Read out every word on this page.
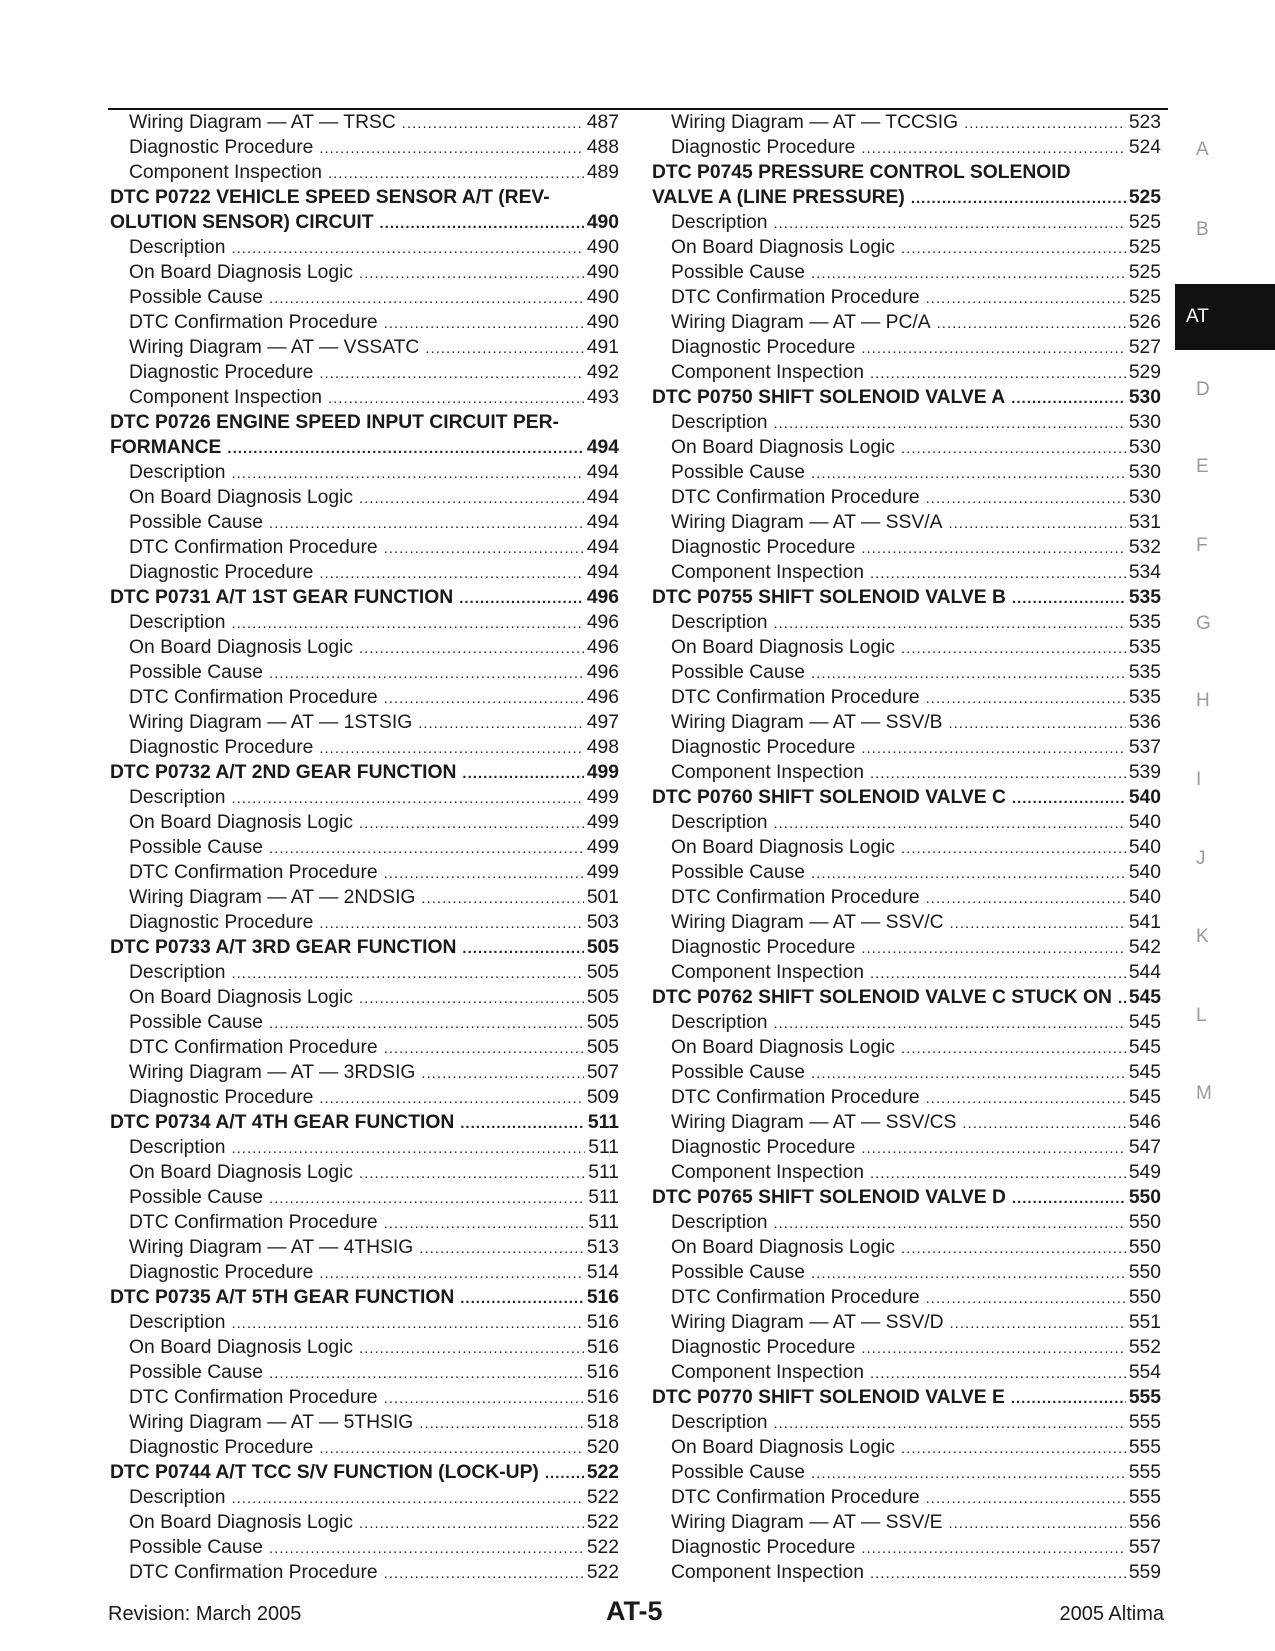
Wiring Diagram — AT — TRSC .....	487
Diagnostic Procedure .....	488
Component Inspection .....	489
DTC P0722 VEHICLE SPEED SENSOR A/T (REV-
OLUTION SENSOR) CIRCUIT .....	490
Description .....	490
On Board Diagnosis Logic .....	490
Possible Cause .....	490
DTC Confirmation Procedure .....	490
Wiring Diagram — AT — VSSATC .....	491
Diagnostic Procedure .....	492
Component Inspection .....	493
DTC P0726 ENGINE SPEED INPUT CIRCUIT PER-
FORMANCE .....	494
Description .....	494
On Board Diagnosis Logic .....	494
Possible Cause .....	494
DTC Confirmation Procedure .....	494
Diagnostic Procedure .....	494
DTC P0731 A/T 1ST GEAR FUNCTION .....	496
Description .....	496
On Board Diagnosis Logic .....	496
Possible Cause .....	496
DTC Confirmation Procedure .....	496
Wiring Diagram — AT — 1STSIG .....	497
Diagnostic Procedure .....	498
DTC P0732 A/T 2ND GEAR FUNCTION .....	499
Description .....	499
On Board Diagnosis Logic .....	499
Possible Cause .....	499
DTC Confirmation Procedure .....	499
Wiring Diagram — AT — 2NDSIG .....	501
Diagnostic Procedure .....	503
DTC P0733 A/T 3RD GEAR FUNCTION .....	505
Description .....	505
On Board Diagnosis Logic .....	505
Possible Cause .....	505
DTC Confirmation Procedure .....	505
Wiring Diagram — AT — 3RDSIG .....	507
Diagnostic Procedure .....	509
DTC P0734 A/T 4TH GEAR FUNCTION .....	511
Description .....	511
On Board Diagnosis Logic .....	511
Possible Cause .....	511
DTC Confirmation Procedure .....	511
Wiring Diagram — AT — 4THSIG .....	513
Diagnostic Procedure .....	514
DTC P0735 A/T 5TH GEAR FUNCTION .....	516
Description .....	516
On Board Diagnosis Logic .....	516
Possible Cause .....	516
DTC Confirmation Procedure .....	516
Wiring Diagram — AT — 5THSIG .....	518
Diagnostic Procedure .....	520
DTC P0744 A/T TCC S/V FUNCTION (LOCK-UP) .....	522
Description .....	522
On Board Diagnosis Logic .....	522
Possible Cause .....	522
DTC Confirmation Procedure .....	522
Wiring Diagram — AT — TCCSIG .....	523
Diagnostic Procedure .....	524
DTC P0745 PRESSURE CONTROL SOLENOID
VALVE A (LINE PRESSURE) .....	525
Description .....	525
On Board Diagnosis Logic .....	525
Possible Cause .....	525
DTC Confirmation Procedure .....	525
Wiring Diagram — AT — PC/A .....	526
Diagnostic Procedure .....	527
Component Inspection .....	529
DTC P0750 SHIFT SOLENOID VALVE A .....	530
Description .....	530
On Board Diagnosis Logic .....	530
Possible Cause .....	530
DTC Confirmation Procedure .....	530
Wiring Diagram — AT — SSV/A .....	531
Diagnostic Procedure .....	532
Component Inspection .....	534
DTC P0755 SHIFT SOLENOID VALVE B .....	535
Description .....	535
On Board Diagnosis Logic .....	535
Possible Cause .....	535
DTC Confirmation Procedure .....	535
Wiring Diagram — AT — SSV/B .....	536
Diagnostic Procedure .....	537
Component Inspection .....	539
DTC P0760 SHIFT SOLENOID VALVE C .....	540
Description .....	540
On Board Diagnosis Logic .....	540
Possible Cause .....	540
DTC Confirmation Procedure .....	540
Wiring Diagram — AT — SSV/C .....	541
Diagnostic Procedure .....	542
Component Inspection .....	544
DTC P0762 SHIFT SOLENOID VALVE C STUCK ON ..... 545
Description .....	545
On Board Diagnosis Logic .....	545
Possible Cause .....	545
DTC Confirmation Procedure .....	545
Wiring Diagram — AT — SSV/CS .....	546
Diagnostic Procedure .....	547
Component Inspection .....	549
DTC P0765 SHIFT SOLENOID VALVE D .....	550
Description .....	550
On Board Diagnosis Logic .....	550
Possible Cause .....	550
DTC Confirmation Procedure .....	550
Wiring Diagram — AT — SSV/D .....	551
Diagnostic Procedure .....	552
Component Inspection .....	554
DTC P0770 SHIFT SOLENOID VALVE E .....	555
Description .....	555
On Board Diagnosis Logic .....	555
Possible Cause .....	555
DTC Confirmation Procedure .....	555
Wiring Diagram — AT — SSV/E .....	556
Diagnostic Procedure .....	557
Component Inspection .....	559
A
B
AT
D
E
F
G
H
I
J
K
L
M
Revision: March 2005	AT-5	2005 Altima
